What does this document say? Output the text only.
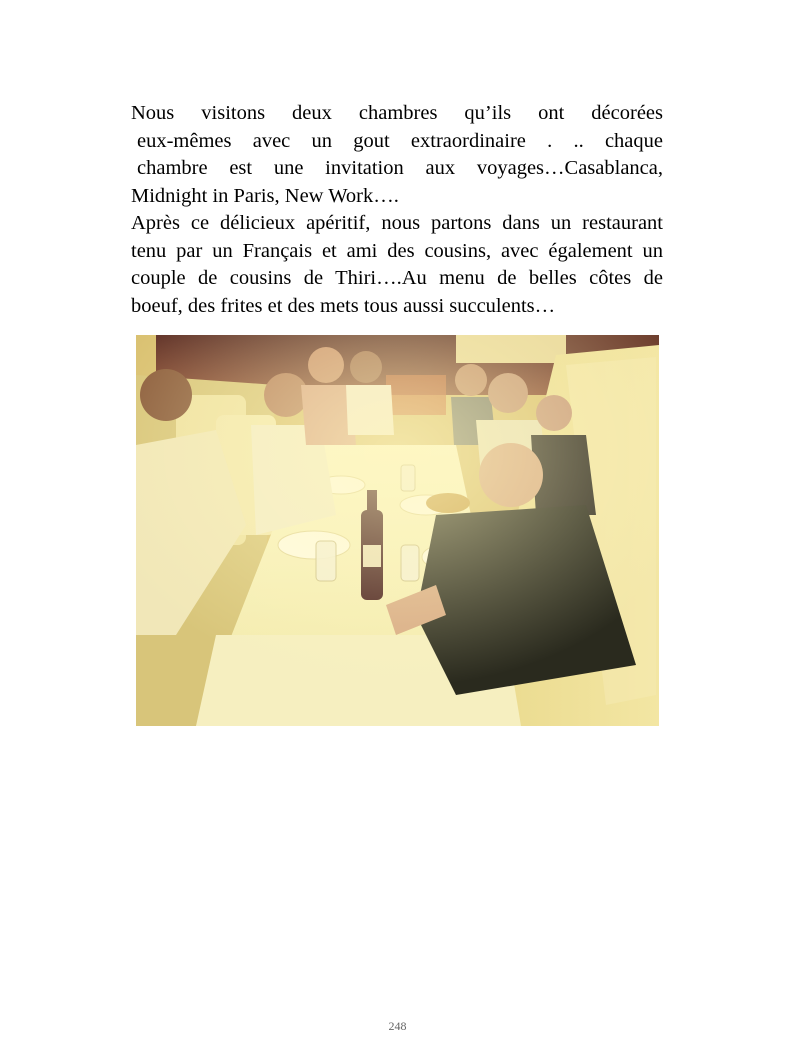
Nous visitons deux chambres qu’ils ont décorées
eux-mêmes avec un gout extraordinaire . .. chaque
chambre est une invitation aux voyages…Casablanca,
Midnight in Paris, New Work….
Après ce délicieux apéritif, nous partons dans un restaurant
tenu par un Français et ami des cousins, avec également un
couple de cousins de Thiri….Au menu de belles côtes de
boeuf, des frites et des mets tous aussi succulents…
248
